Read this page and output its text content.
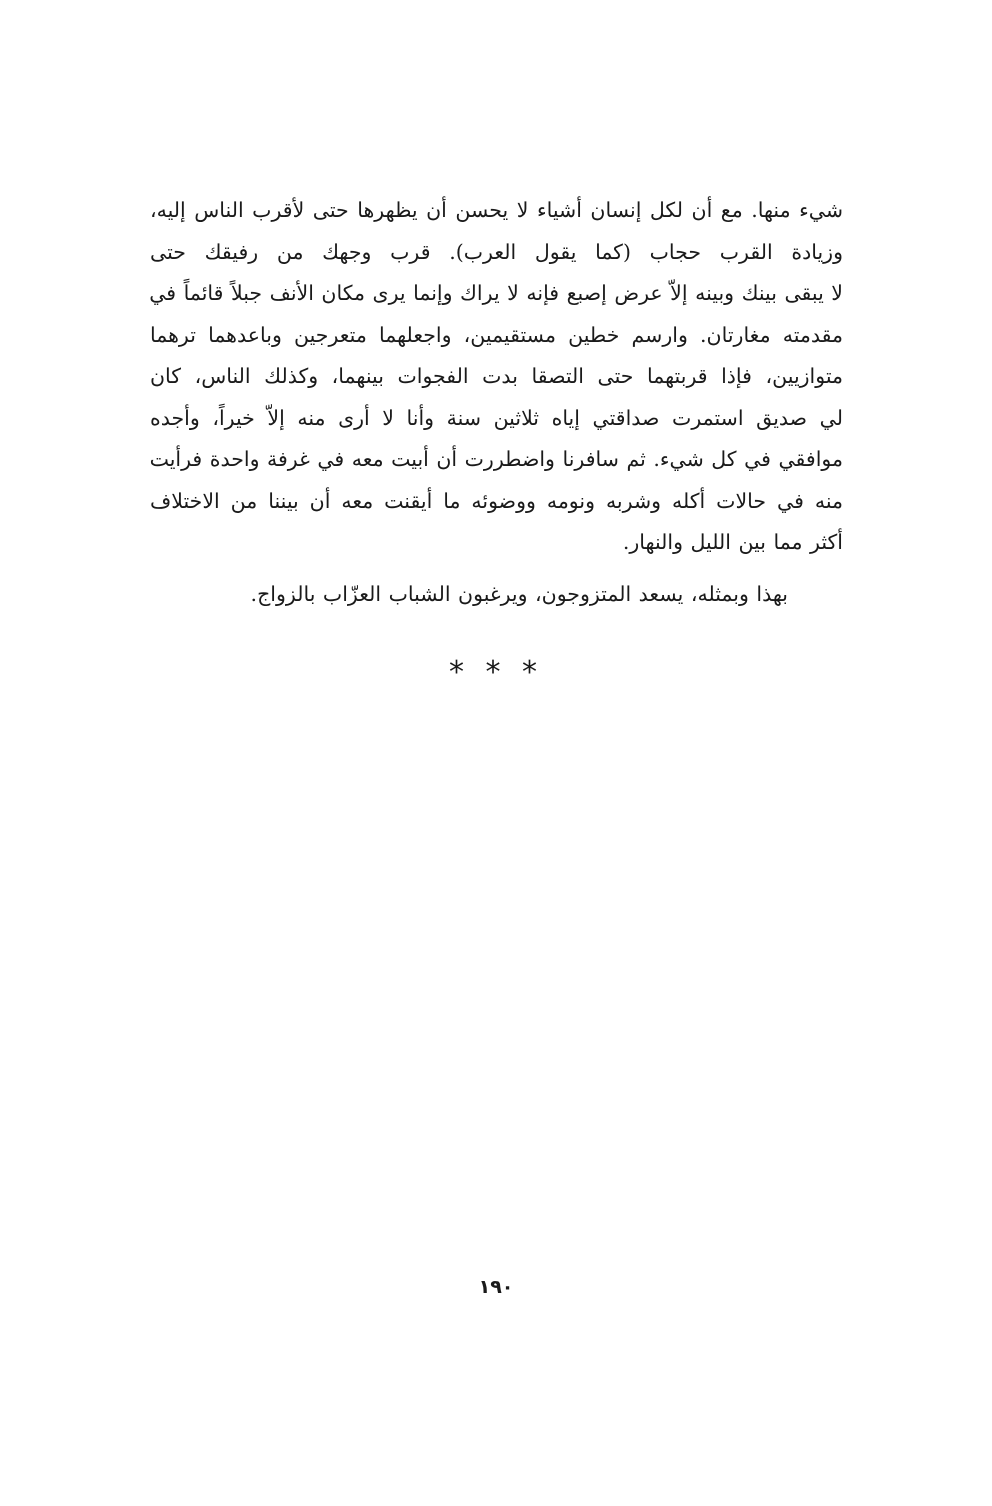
شيء منها. مع أن لكل إنسان أشياء لا يحسن أن يظهرها حتى لأقرب الناس إليه،
وزيادة القرب حجاب (كما يقول العرب). قرب وجهك من رفيقك حتى
لا يبقى بينك وبينه إلاّ عرض إصبع فإنه لا يراك وإنما يرى مكان الأنف جبلاً قائماً في
مقدمته مغارتان. وارسم خطين مستقيمين، واجعلهما متعرجين وباعدهما ترهما
متوازيين، فإذا قربتهما حتى التصقا بدت الفجوات بينهما، وكذلك الناس، كان
لي صديق استمرت صداقتي إياه ثلاثين سنة وأنا لا أرى منه إلاّ خيراً، وأجده
موافقي في كل شيء. ثم سافرنا واضطررت أن أبيت معه في غرفة واحدة فرأيت
منه في حالات أكله وشربه ونومه ووضوئه ما أيقنت معه أن بيننا من الاختلاف
أكثر مما بين الليل والنهار.
بهذا وبمثله، يسعد المتزوجون، ويرغبون الشباب العزّاب بالزواج.
* * *
١٩٠
